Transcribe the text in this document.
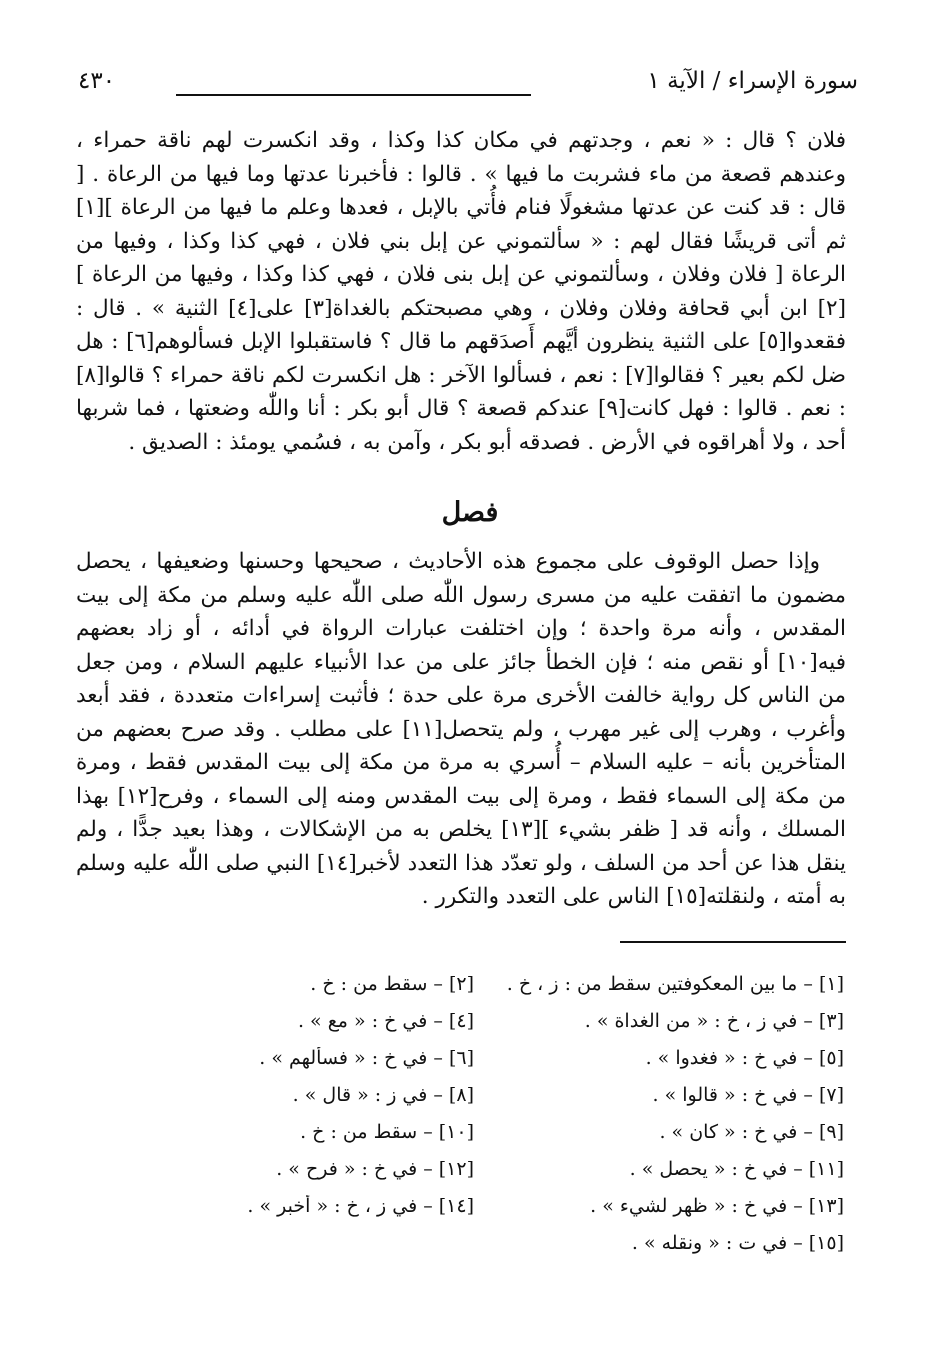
سورة الإسراء / الآية ١
٤٣٠

فلان ؟ قال : « نعم ، وجدتهم في مكان كذا وكذا ، وقد انكسرت لهم ناقة حمراء ، وعندهم قصعة من ماء فشربت ما فيها » . قالوا : فأخبرنا عدتها وما فيها من الرعاة . [ قال : قد كنت عن عدتها مشغولًا فنام فأُتي بالإبل ، فعدها وعلم ما فيها من الرعاة ][١] ثم أتى قريشًا فقال لهم : « سألتموني عن إبل بني فلان ، فهي كذا وكذا ، وفيها من الرعاة [ فلان وفلان ، وسألتموني عن إبل بنى فلان ، فهي كذا وكذا ، وفيها من الرعاة ][٢] ابن أبي قحافة وفلان وفلان ، وهي مصبحتكم بالغداة[٣] على[٤] الثنية » . قال : فقعدوا[٥] على الثنية ينظرون أيَّهم أَصدَقهم ما قال ؟ فاستقبلوا الإبل فسألوهم[٦] : هل ضل لكم بعير ؟ فقالوا[٧] : نعم ، فسألوا الآخر : هل انكسرت لكم ناقة حمراء ؟ قالوا[٨] : نعم . قالوا : فهل كانت[٩] عندكم قصعة ؟ قال أبو بكر : أنا واللّٰه وضعتها ، فما شربها أحد ، ولا أهراقوه في الأرض . فصدقه أبو بكر ، وآمن به ، فسُمي يومئذ : الصديق .

فصل

وإذا حصل الوقوف على مجموع هذه الأحاديث ، صحيحها وحسنها وضعيفها ، يحصل مضمون ما اتفقت عليه من مسرى رسول اللّٰه صلى اللّٰه عليه وسلم من مكة إلى بيت المقدس ، وأنه مرة واحدة ؛ وإن اختلفت عبارات الرواة في أدائه ، أو زاد بعضهم فيه[١٠] أو نقص منه ؛ فإن الخطأ جائز على من عدا الأنبياء عليهم السلام ، ومن جعل من الناس كل رواية خالفت الأخرى مرة على حدة ؛ فأثبت إسراءات متعددة ، فقد أبعد وأغرب ، وهرب إلى غير مهرب ، ولم يتحصل[١١] على مطلب . وقد صرح بعضهم من المتأخرين بأنه – عليه السلام – أُسري به مرة من مكة إلى بيت المقدس فقط ، ومرة من مكة إلى السماء فقط ، ومرة إلى بيت المقدس ومنه إلى السماء ، وفرح[١٢] بهذا المسلك ، وأنه قد [ ظفر بشيء ][١٣] يخلص به من الإشكالات ، وهذا بعيد جدًّا ، ولم ينقل هذا عن أحد من السلف ، ولو تعدّد هذا التعدد لأخبر[١٤] النبي صلى اللّٰه عليه وسلم به أمته ، ولنقلته[١٥] الناس على التعدد والتكرر .

[١] – ما بين المعكوفتين سقط من : ز ، خ .
[٢] – سقط من : خ .
[٣] – في ز ، خ : « من الغداة » .
[٤] – في خ : « مع » .
[٥] – في خ : « فغدوا » .
[٦] – في خ : « فسألهم » .
[٧] – في خ : « قالوا » .
[٨] – في ز : « قال » .
[٩] – في خ : « كان » .
[١٠] – سقط من : خ .
[١١] – في خ : « يحصل » .
[١٢] – في خ : « فرح » .
[١٣] – في خ : « ظهر لشيء » .
[١٤] – في ز ، خ : « أخبر » .
[١٥] – في ت : « ونقله » .
